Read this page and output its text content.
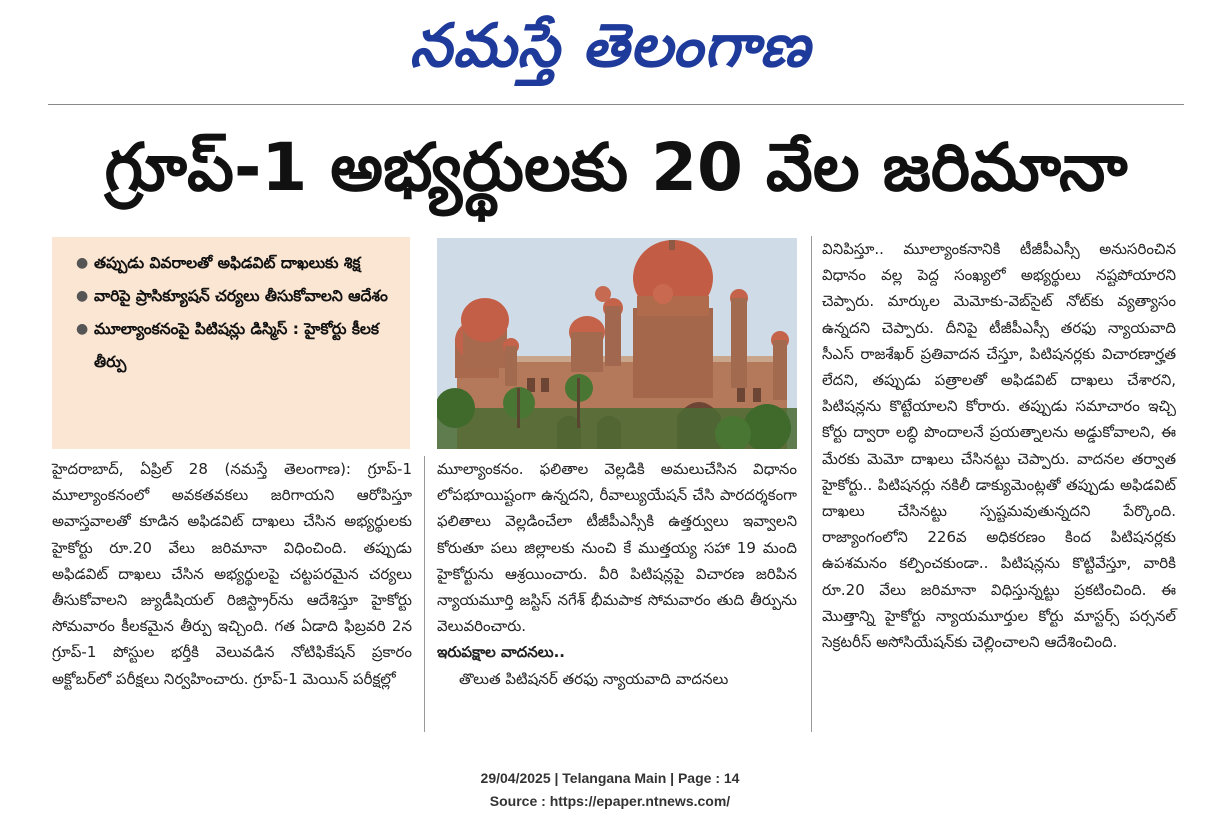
నమస్తే తెలంగాణ
గ్రూప్‌-1 అభ్యర్థులకు 20 వేల జరిమానా
● తప్పుడు వివరాలతో అఫిడవిట్‌ దాఖలుకు శిక్ష
● వారిపై ప్రాసిక్యూషన్‌ చర్యలు తీసుకోవాలని ఆదేశం
● మూల్యాంకనంపై పిటిషన్లు డిస్మిస్‌ : హైకోర్టు కీలక తీర్పు

హైదరాబాద్‌, ఏప్రిల్‌ 28 (నమస్తే తెలంగాణ): గ్రూప్‌-1 మూల్యాంకనంలో అవకతవకలు జరిగాయని ఆరోపిస్తూ అవాస్తవాలతో కూడిన అఫిడవిట్‌ దాఖలు చేసిన అభ్యర్థులకు హైకోర్టు రూ.20 వేలు జరిమానా విధించింది. తప్పుడు అఫిడవిట్‌ దాఖలు చేసిన అభ్యర్థులపై చట్టపరమైన చర్యలు తీసుకోవాలని జ్యుడీషియల్‌ రిజిస్ట్రార్‌ను ఆదేశిస్తూ హైకోర్టు సోమవారం కీలకమైన తీర్పు ఇచ్చింది. గత ఏడాది ఫిబ్రవరి 2న గ్రూప్‌-1 పోస్టుల భర్తీకి వెలువడిన నోటిఫికేషన్‌ ప్రకారం అక్టోబర్‌లో పరీక్షలు నిర్వహించారు. గ్రూప్‌-1 మెయిన్‌ పరీక్షల్లో

మూల్యాంకనం. ఫలితాల వెల్లడికి అమలుచేసిన విధానం లోపభూయిష్టంగా ఉన్నదని, రీవాల్యుయేషన్‌ చేసి పారదర్శకంగా ఫలితాలు వెల్లడించేలా టీజీపీఎస్సీకి ఉత్తర్వులు ఇవ్వాలని కోరుతూ పలు జిల్లాలకు నుంచి కే ముత్తయ్య సహా 19 మంది హైకోర్టును ఆశ్రయించారు. వీరి పిటిషన్లపై విచారణ జరిపిన న్యాయమూర్తి జస్టిస్‌ నగేశ్‌ భీమపాక సోమవారం తుది తీర్పును వెలువరించారు.

ఇరుపక్షాల వాదనలు..

తొలుత పిటిషనర్‌ తరఫు న్యాయవాది వాదనలు

వినిపిస్తూ.. మూల్యాంకనానికి టీజీపీఎస్సీ అనుసరించిన విధానం వల్ల పెద్ద సంఖ్యలో అభ్యర్థులు నష్టపోయారని చెప్పారు. మార్కుల మెమోకు-వెబ్‌సైట్‌ నోట్‌కు వ్యత్యాసం ఉన్నదని చెప్పారు. దీనిపై టీజీపీఎస్సీ తరఫు న్యాయవాది సీఎస్‌ రాజశేఖర్‌ ప్రతివాదన చేస్తూ, పిటిషనర్లకు విచారణార్హత లేదని, తప్పుడు పత్రాలతో అఫిడవిట్‌ దాఖలు చేశారని, పిటిషన్లను కొట్టేయాలని కోరారు. తప్పుడు సమాచారం ఇచ్చి కోర్టు ద్వారా లబ్ధి పొందాలనే ప్రయత్నాలను అడ్డుకోవాలని, ఈ మేరకు మెమో దాఖలు చేసినట్టు చెప్పారు. వాదనల తర్వాత హైకోర్టు.. పిటిషనర్లు నకిలీ డాక్యుమెంట్లతో తప్పుడు అఫిడవిట్‌ దాఖలు చేసినట్టు స్పష్టమవుతున్నదని పేర్కొంది. రాజ్యాంగంలోని 226వ అధికరణం కింద పిటిషనర్లకు ఉపశమనం కల్పించకుండా.. పిటిషన్లను కొట్టివేస్తూ, వారికి రూ.20 వేలు జరిమానా విధిస్తున్నట్టు ప్రకటించింది. ఈ మొత్తాన్ని హైకోర్టు న్యాయమూర్తుల కోర్టు మాస్టర్స్‌ పర్సనల్‌ సెక్రటరీస్‌ అసోసియేషన్‌కు చెల్లించాలని ఆదేశించింది.

29/04/2025 | Telangana Main | Page : 14
Source : https://epaper.ntnews.com/
